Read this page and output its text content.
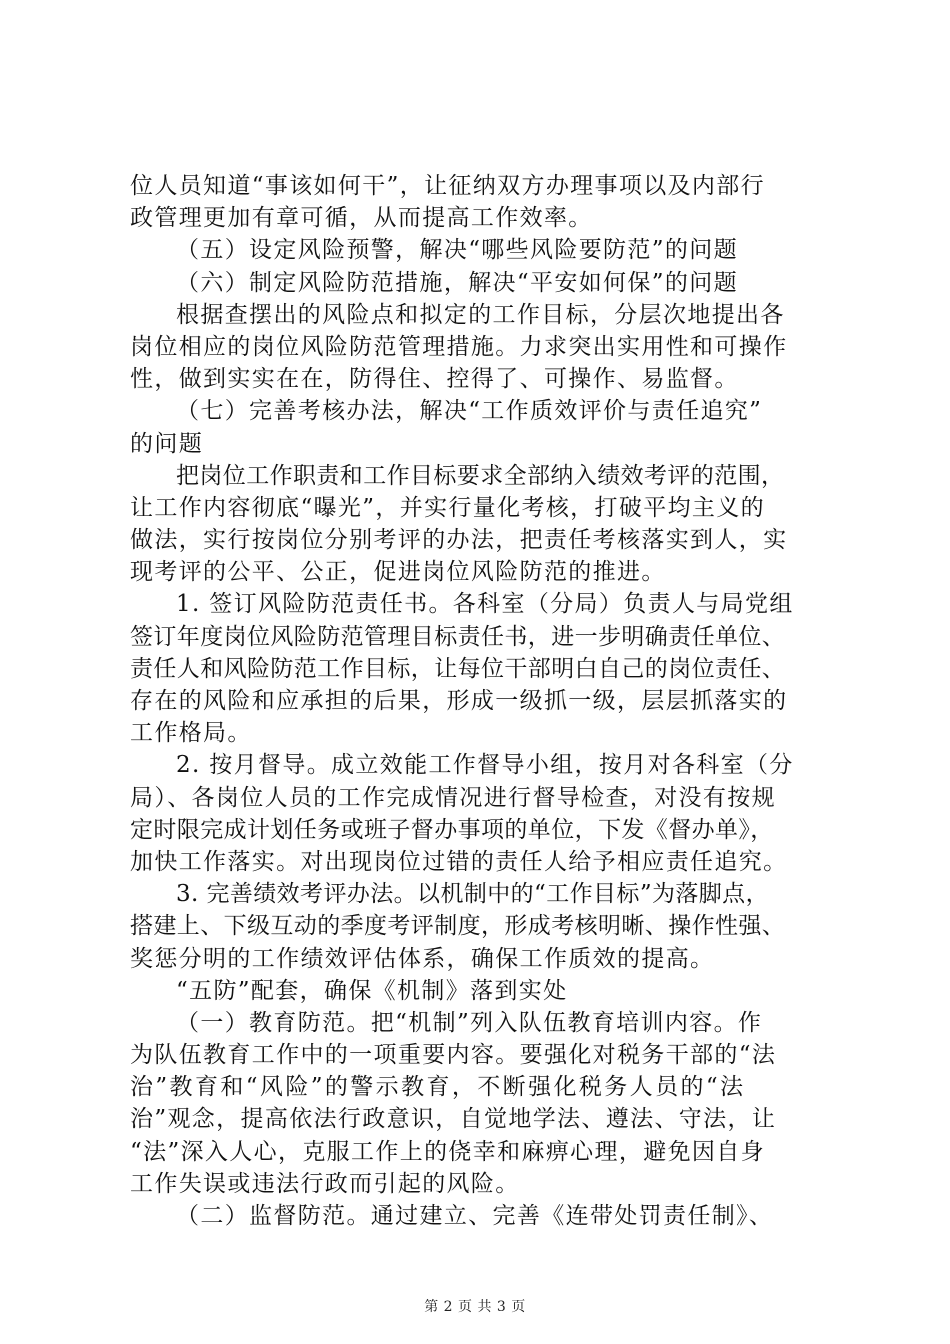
位人员知道“事该如何干”，让征纳双方办理事项以及内部行
政管理更加有章可循，从而提高工作效率。
（五）设定风险预警，解决“哪些风险要防范”的问题
（六）制定风险防范措施，解决“平安如何保”的问题
根据查摆出的风险点和拟定的工作目标，分层次地提出各
岗位相应的岗位风险防范管理措施。力求突出实用性和可操作
性，做到实实在在，防得住、控得了、可操作、易监督。
（七）完善考核办法，解决“工作质效评价与责任追究”
的问题
把岗位工作职责和工作目标要求全部纳入绩效考评的范围，
让工作内容彻底“曝光”，并实行量化考核，打破平均主义的
做法，实行按岗位分别考评的办法，把责任考核落实到人，实
现考评的公平、公正，促进岗位风险防范的推进。
1. 签订风险防范责任书。各科室（分局）负责人与局党组
签订年度岗位风险防范管理目标责任书，进一步明确责任单位、
责任人和风险防范工作目标，让每位干部明白自己的岗位责任、
存在的风险和应承担的后果，形成一级抓一级，层层抓落实的
工作格局。
2. 按月督导。成立效能工作督导小组，按月对各科室（分
局）、各岗位人员的工作完成情况进行督导检查，对没有按规
定时限完成计划任务或班子督办事项的单位，下发《督办单》，
加快工作落实。对出现岗位过错的责任人给予相应责任追究。
3. 完善绩效考评办法。以机制中的“工作目标”为落脚点，
搭建上、下级互动的季度考评制度，形成考核明晰、操作性强、
奖惩分明的工作绩效评估体系，确保工作质效的提高。
“五防”配套，确保《机制》落到实处
（一）教育防范。把“机制”列入队伍教育培训内容。作
为队伍教育工作中的一项重要内容。要强化对税务干部的“法
治”教育和“风险”的警示教育，不断强化税务人员的“法
治”观念，提高依法行政意识，自觉地学法、遵法、守法，让
“法”深入人心，克服工作上的侥幸和麻痹心理，避免因自身
工作失误或违法行政而引起的风险。
（二）监督防范。通过建立、完善《连带处罚责任制》、
第 2 页 共 3 页
